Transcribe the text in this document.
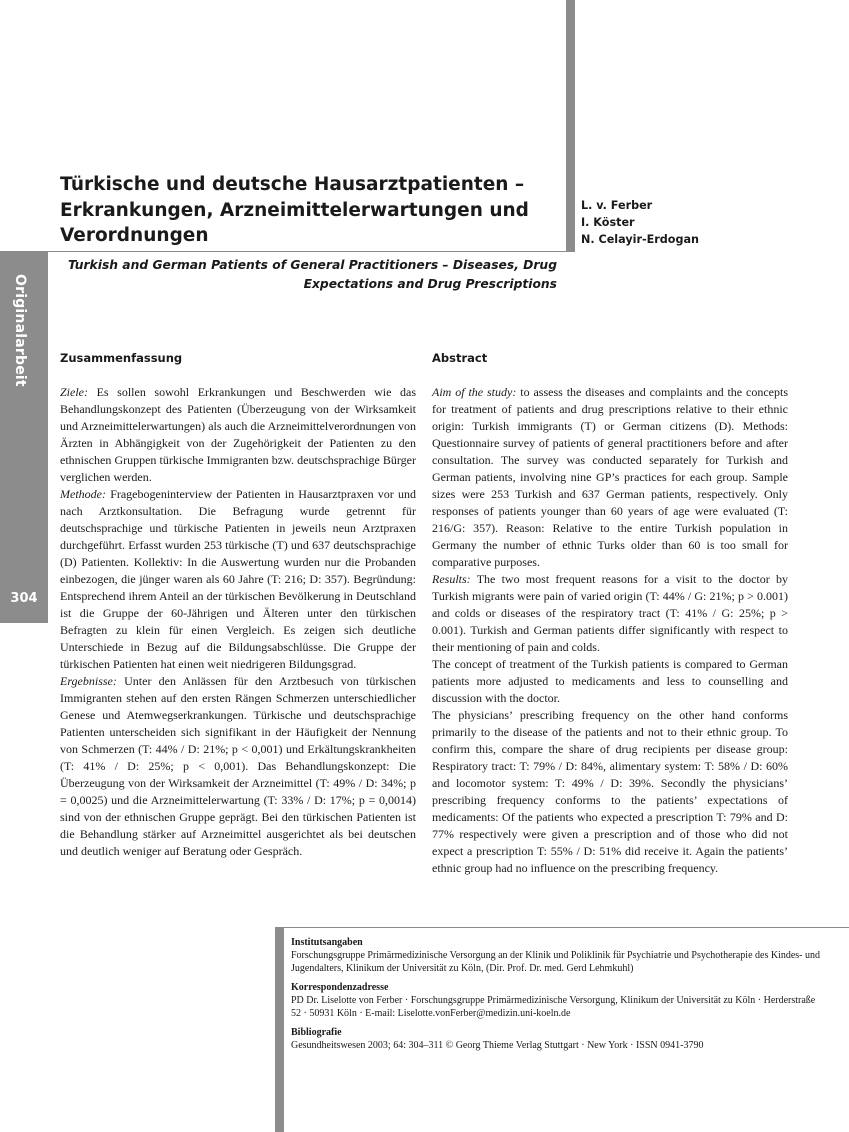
Originalarbeit
304
Türkische und deutsche Hausarztpatienten –
Erkrankungen, Arzneimittelerwartungen und
Verordnungen
L. v. Ferber
I. Köster
N. Celayir-Erdogan
Turkish and German Patients of General Practitioners – Diseases, Drug
Expectations and Drug Prescriptions
Zusammenfassung

Ziele: Es sollen sowohl Erkrankungen und Beschwerden wie das Behandlungskonzept des Patienten (Überzeugung von der Wirksamkeit und Arzneimittelerwartungen) als auch die Arzneimittelverordnungen von Ärzten in Abhängigkeit von der Zugehörigkeit der Patienten zu den ethnischen Gruppen türkische Immigranten bzw. deutschsprachige Bürger verglichen werden.

Methode: Fragebogeninterview der Patienten in Hausarztpraxen vor und nach Arztkonsultation. Die Befragung wurde getrennt für deutschsprachige und türkische Patienten in jeweils neun Arztpraxen durchgeführt. Erfasst wurden 253 türkische (T) und 637 deutschsprachige (D) Patienten. Kollektiv: In die Auswertung wurden nur die Probanden einbezogen, die jünger waren als 60 Jahre (T: 216; D: 357). Begründung: Entsprechend ihrem Anteil an der türkischen Bevölkerung in Deutschland ist die Gruppe der 60-Jährigen und Älteren unter den türkischen Befragten zu klein für einen Vergleich. Es zeigen sich deutliche Unterschiede in Bezug auf die Bildungsabschlüsse. Die Gruppe der türkischen Patienten hat einen weit niedrigeren Bildungsgrad.

Ergebnisse: Unter den Anlässen für den Arztbesuch von türkischen Immigranten stehen auf den ersten Rängen Schmerzen unterschiedlicher Genese und Atemwegserkrankungen. Türkische und deutschsprachige Patienten unterscheiden sich signifikant in der Häufigkeit der Nennung von Schmerzen (T: 44% / D: 21%; p < 0,001) und Erkältungskrankheiten (T: 41% / D: 25%; p < 0,001). Das Behandlungskonzept: Die Überzeugung von der Wirksamkeit der Arzneimittel (T: 49% / D: 34%; p = 0,0025) und die Arzneimittelerwartung (T: 33% / D: 17%; p = 0,0014) sind von der ethnischen Gruppe geprägt. Bei den türkischen Patienten ist die Behandlung stärker auf Arzneimittel ausgerichtet als bei deutschen und deutlich weniger auf Beratung oder Gespräch.

Abstract

Aim of the study: to assess the diseases and complaints and the concepts for treatment of patients and drug prescriptions relative to their ethnic origin: Turkish immigrants (T) or German citizens (D). Methods: Questionnaire survey of patients of general practitioners before and after consultation. The survey was conducted separately for Turkish and German patients, involving nine GP’s practices for each group. Sample sizes were 253 Turkish and 637 German patients, respectively. Only responses of patients younger than 60 years of age were evaluated (T: 216/G: 357). Reason: Relative to the entire Turkish population in Germany the number of ethnic Turks older than 60 is too small for comparative purposes.

Results: The two most frequent reasons for a visit to the doctor by Turkish migrants were pain of varied origin (T: 44% / G: 21%; p > 0.001) and colds or diseases of the respiratory tract (T: 41% / G: 25%; p > 0.001). Turkish and German patients differ significantly with respect to their mentioning of pain and colds.

The concept of treatment of the Turkish patients is compared to German patients more adjusted to medicaments and less to counselling and discussion with the doctor.

The physicians’ prescribing frequency on the other hand conforms primarily to the disease of the patients and not to their ethnic group. To confirm this, compare the share of drug recipients per disease group: Respiratory tract: T: 79% / D: 84%, alimentary system: T: 58% / D: 60% and locomotor system: T: 49% / D: 39%. Secondly the physicians’ prescribing frequency conforms to the patients’ expectations of medicaments: Of the patients who expected a prescription T: 79% and D: 77% respectively were given a prescription and of those who did not expect a prescription T: 55% / D: 51% did receive it. Again the patients’ ethnic group had no influence on the prescribing frequency.

Institutsangaben

Forschungsgruppe Primärmedizinische Versorgung an der Klinik und Poliklinik für Psychiatrie und Psychotherapie des Kindes- und Jugendalters, Klinikum der Universität zu Köln, (Dir. Prof. Dr. med. Gerd Lehmkuhl)

Korrespondenzadresse

PD Dr. Liselotte von Ferber · Forschungsgruppe Primärmedizinische Versorgung, Klinikum der Universität zu Köln · Herderstraße 52 · 50931 Köln · E-mail: Liselotte.vonFerber@medizin.uni-koeln.de

Bibliografie

Gesundheitswesen 2003; 64: 304–311 © Georg Thieme Verlag Stuttgart · New York · ISSN 0941-3790
